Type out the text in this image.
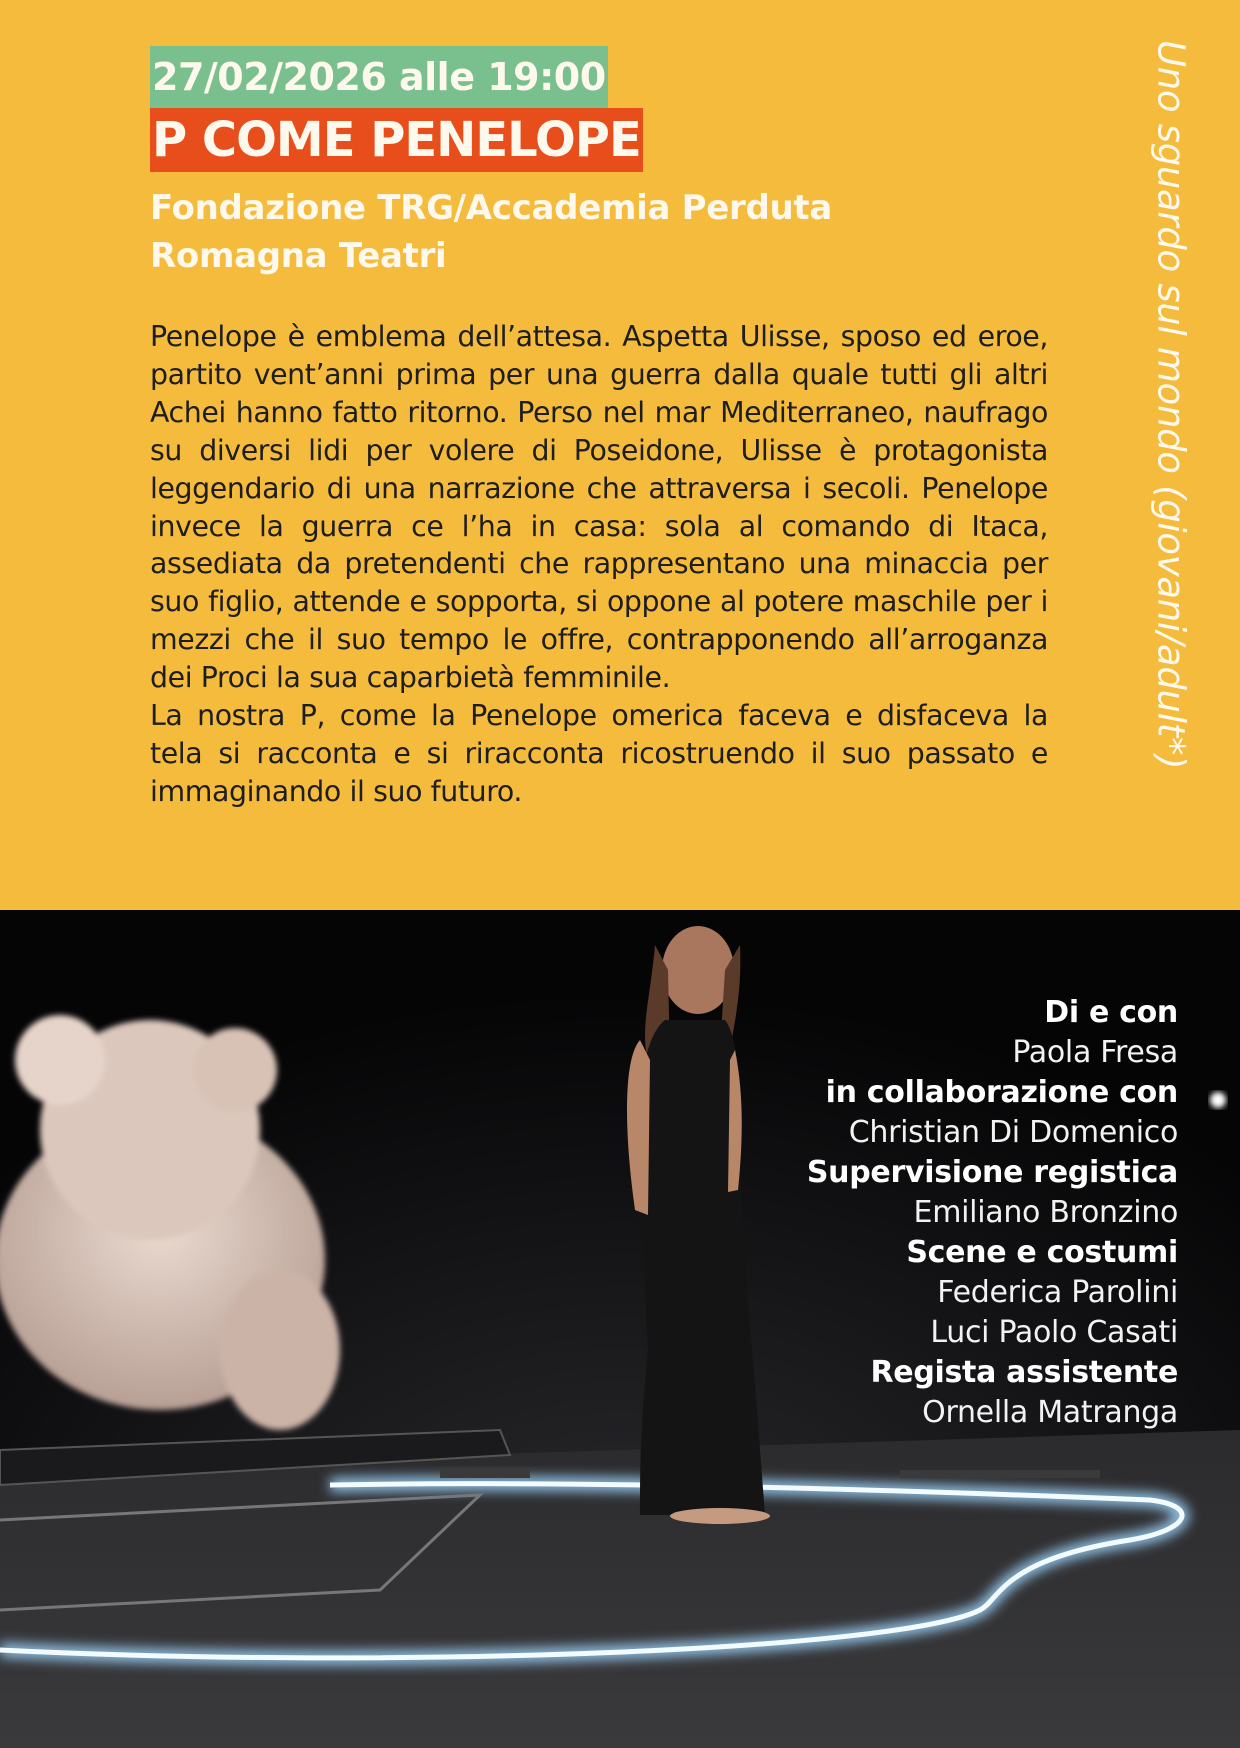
27/02/2026 alle 19:00
P COME PENELOPE
Fondazione TRG/Accademia Perduta
Romagna Teatri

Penelope è emblema dell’attesa. Aspetta Ulisse, sposo ed eroe, partito vent’anni prima per una guerra dalla quale tutti gli altri Achei hanno fatto ritorno. Perso nel mar Mediterraneo, naufrago su diversi lidi per volere di Poseidone, Ulisse è protagonista leggendario di una narrazione che attraversa i secoli. Penelope invece la guerra ce l’ha in casa: sola al comando di Itaca, assediata da pretendenti che rappresentano una minaccia per suo figlio, attende e sopporta, si oppone al potere maschile per i mezzi che il suo tempo le offre, contrapponendo all’arroganza dei Proci la sua caparbietà femminile.

La nostra P, come la Penelope omerica faceva e disfaceva la tela si racconta e si riracconta ricostruendo il suo passato e immaginando il suo futuro.

Uno sguardo sul mondo (giovani/adult*)
Di e con
Paola Fresa
in collaborazione con
Christian Di Domenico
Supervisione registica
Emiliano Bronzino
Scene e costumi
Federica Parolini
Luci Paolo Casati
Regista assistente
Ornella Matranga
